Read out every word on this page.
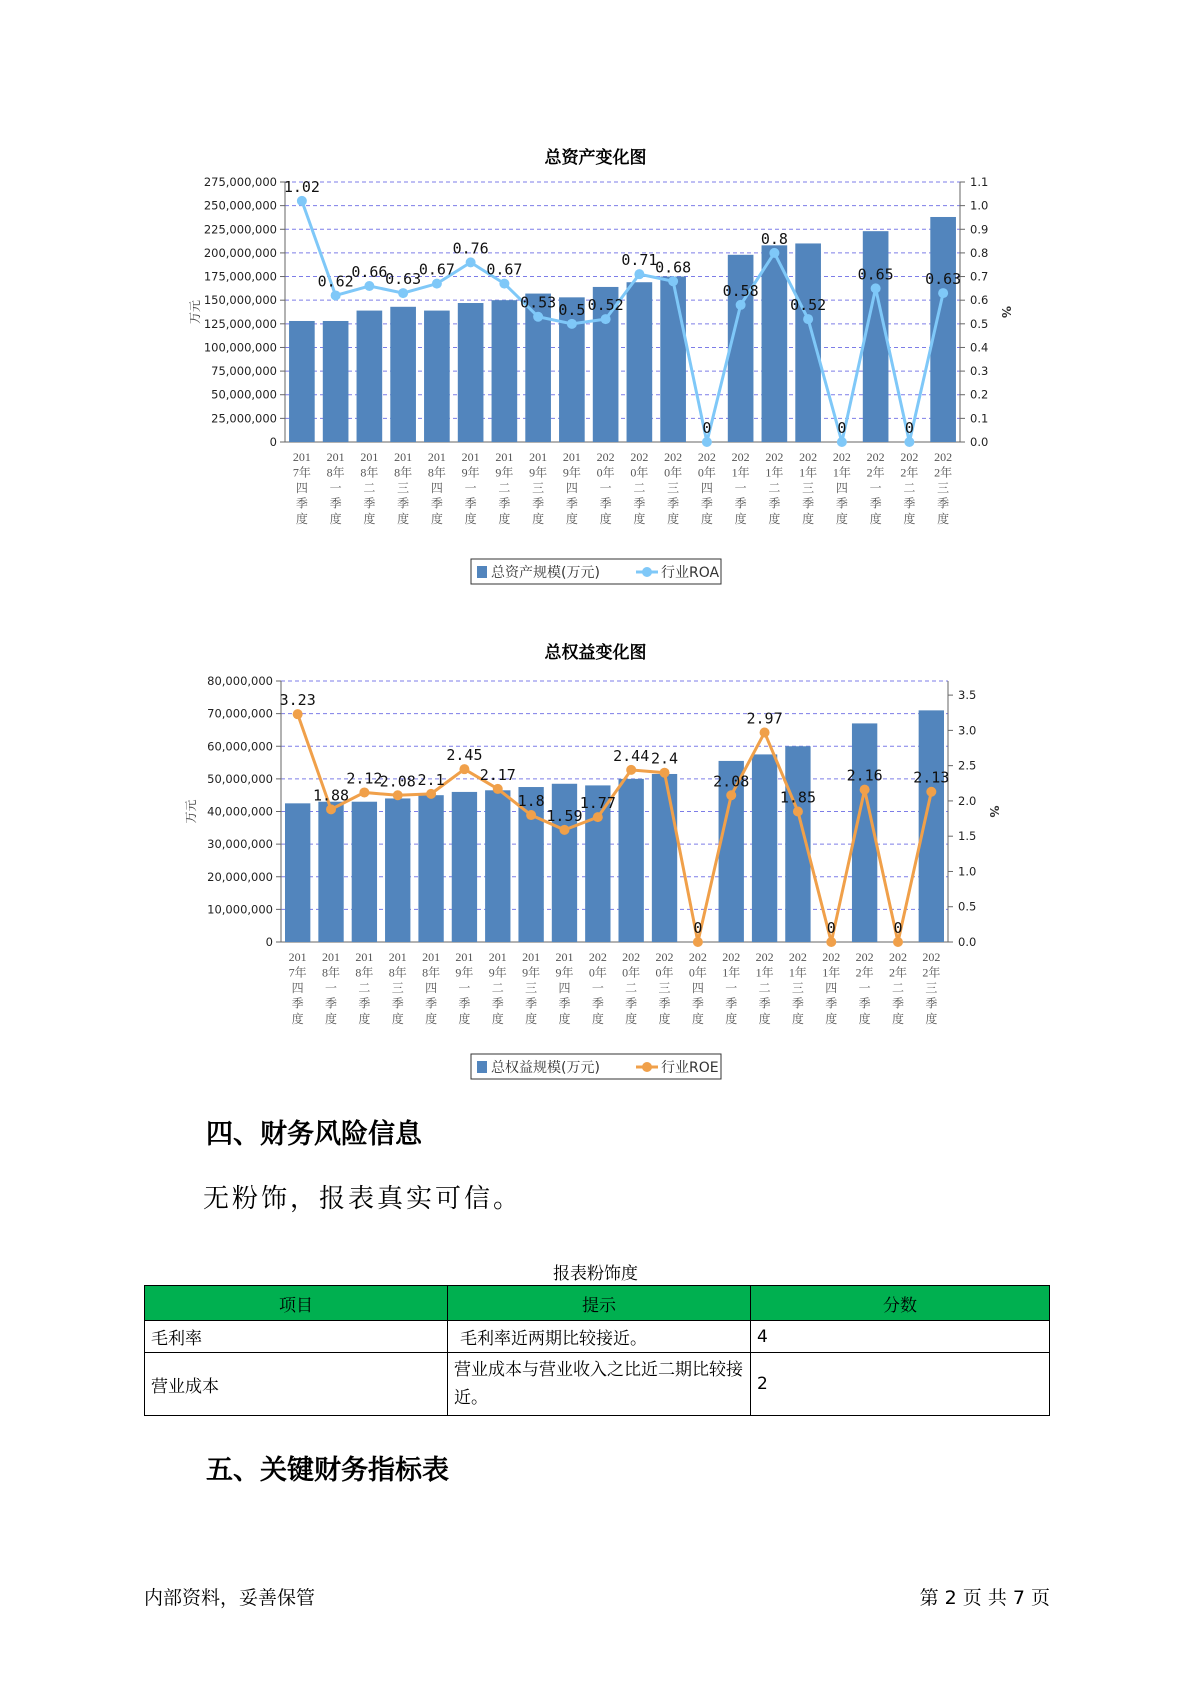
总资产变化图
0
25,000,000
50,000,000
75,000,000
100,000,000
125,000,000
150,000,000
175,000,000
200,000,000
225,000,000
250,000,000
275,000,000
0.0
0.1
0.2
0.3
0.4
0.5
0.6
0.7
0.8
0.9
1.0
1.1
万元	%
201 7年四季度
201 8年一季度
201 8年二季度
201 8年三季度
201 8年四季度
201 9年一季度
201 9年二季度
201 9年三季度
201 9年四季度
202 0年一季度
202 0年二季度
202 0年三季度
202 0年四季度
202 1年一季度
202 1年二季度
202 1年三季度
202 1年四季度
202 2年一季度
202 2年二季度
202 2年三季度
1.02
0.62
0.66
0.63
0.67
0.76
0.67
0.53 0.5 0.52
0.71
0.68
0
0.58
0.8
0.52
0
0.65
0
0.63
总资产规模(万元)	行业ROA
总权益变化图
0
10,000,000
20,000,000
30,000,000
40,000,000
50,000,000
60,000,000
70,000,000
80,000,000
0.0
0.5
1.0
1.5
2.0
2.5
3.0
3.5
万元	%
201 7年四季度
201 8年一季度
201 8年二季度
201 8年三季度
201 8年四季度
201 9年一季度
201 9年二季度
201 9年三季度
201 9年四季度
202 0年一季度
202 0年二季度
202 0年三季度
202 0年四季度
202 1年一季度
202 1年二季度
202 1年三季度
202 1年四季度
202 2年一季度
202 2年二季度
202 2年三季度
3.23
1.88
2.12
2.08 2.1
2.45
2.17
1.8
1.59
1.77
2.44 2.4
0
2.08
2.97
1.85
0
2.16
0
2.13
总权益规模(万元)	行业ROE
四、财务风险信息
无粉饰，报表真实可信。
报表粉饰度
项目	提示	分数
毛利率	毛利率近两期比较接近。	4
营业成本	营业成本与营业收入之比近二期比较接近。	2
五、关键财务指标表
内部资料，妥善保管	第 2 页 共 7 页
